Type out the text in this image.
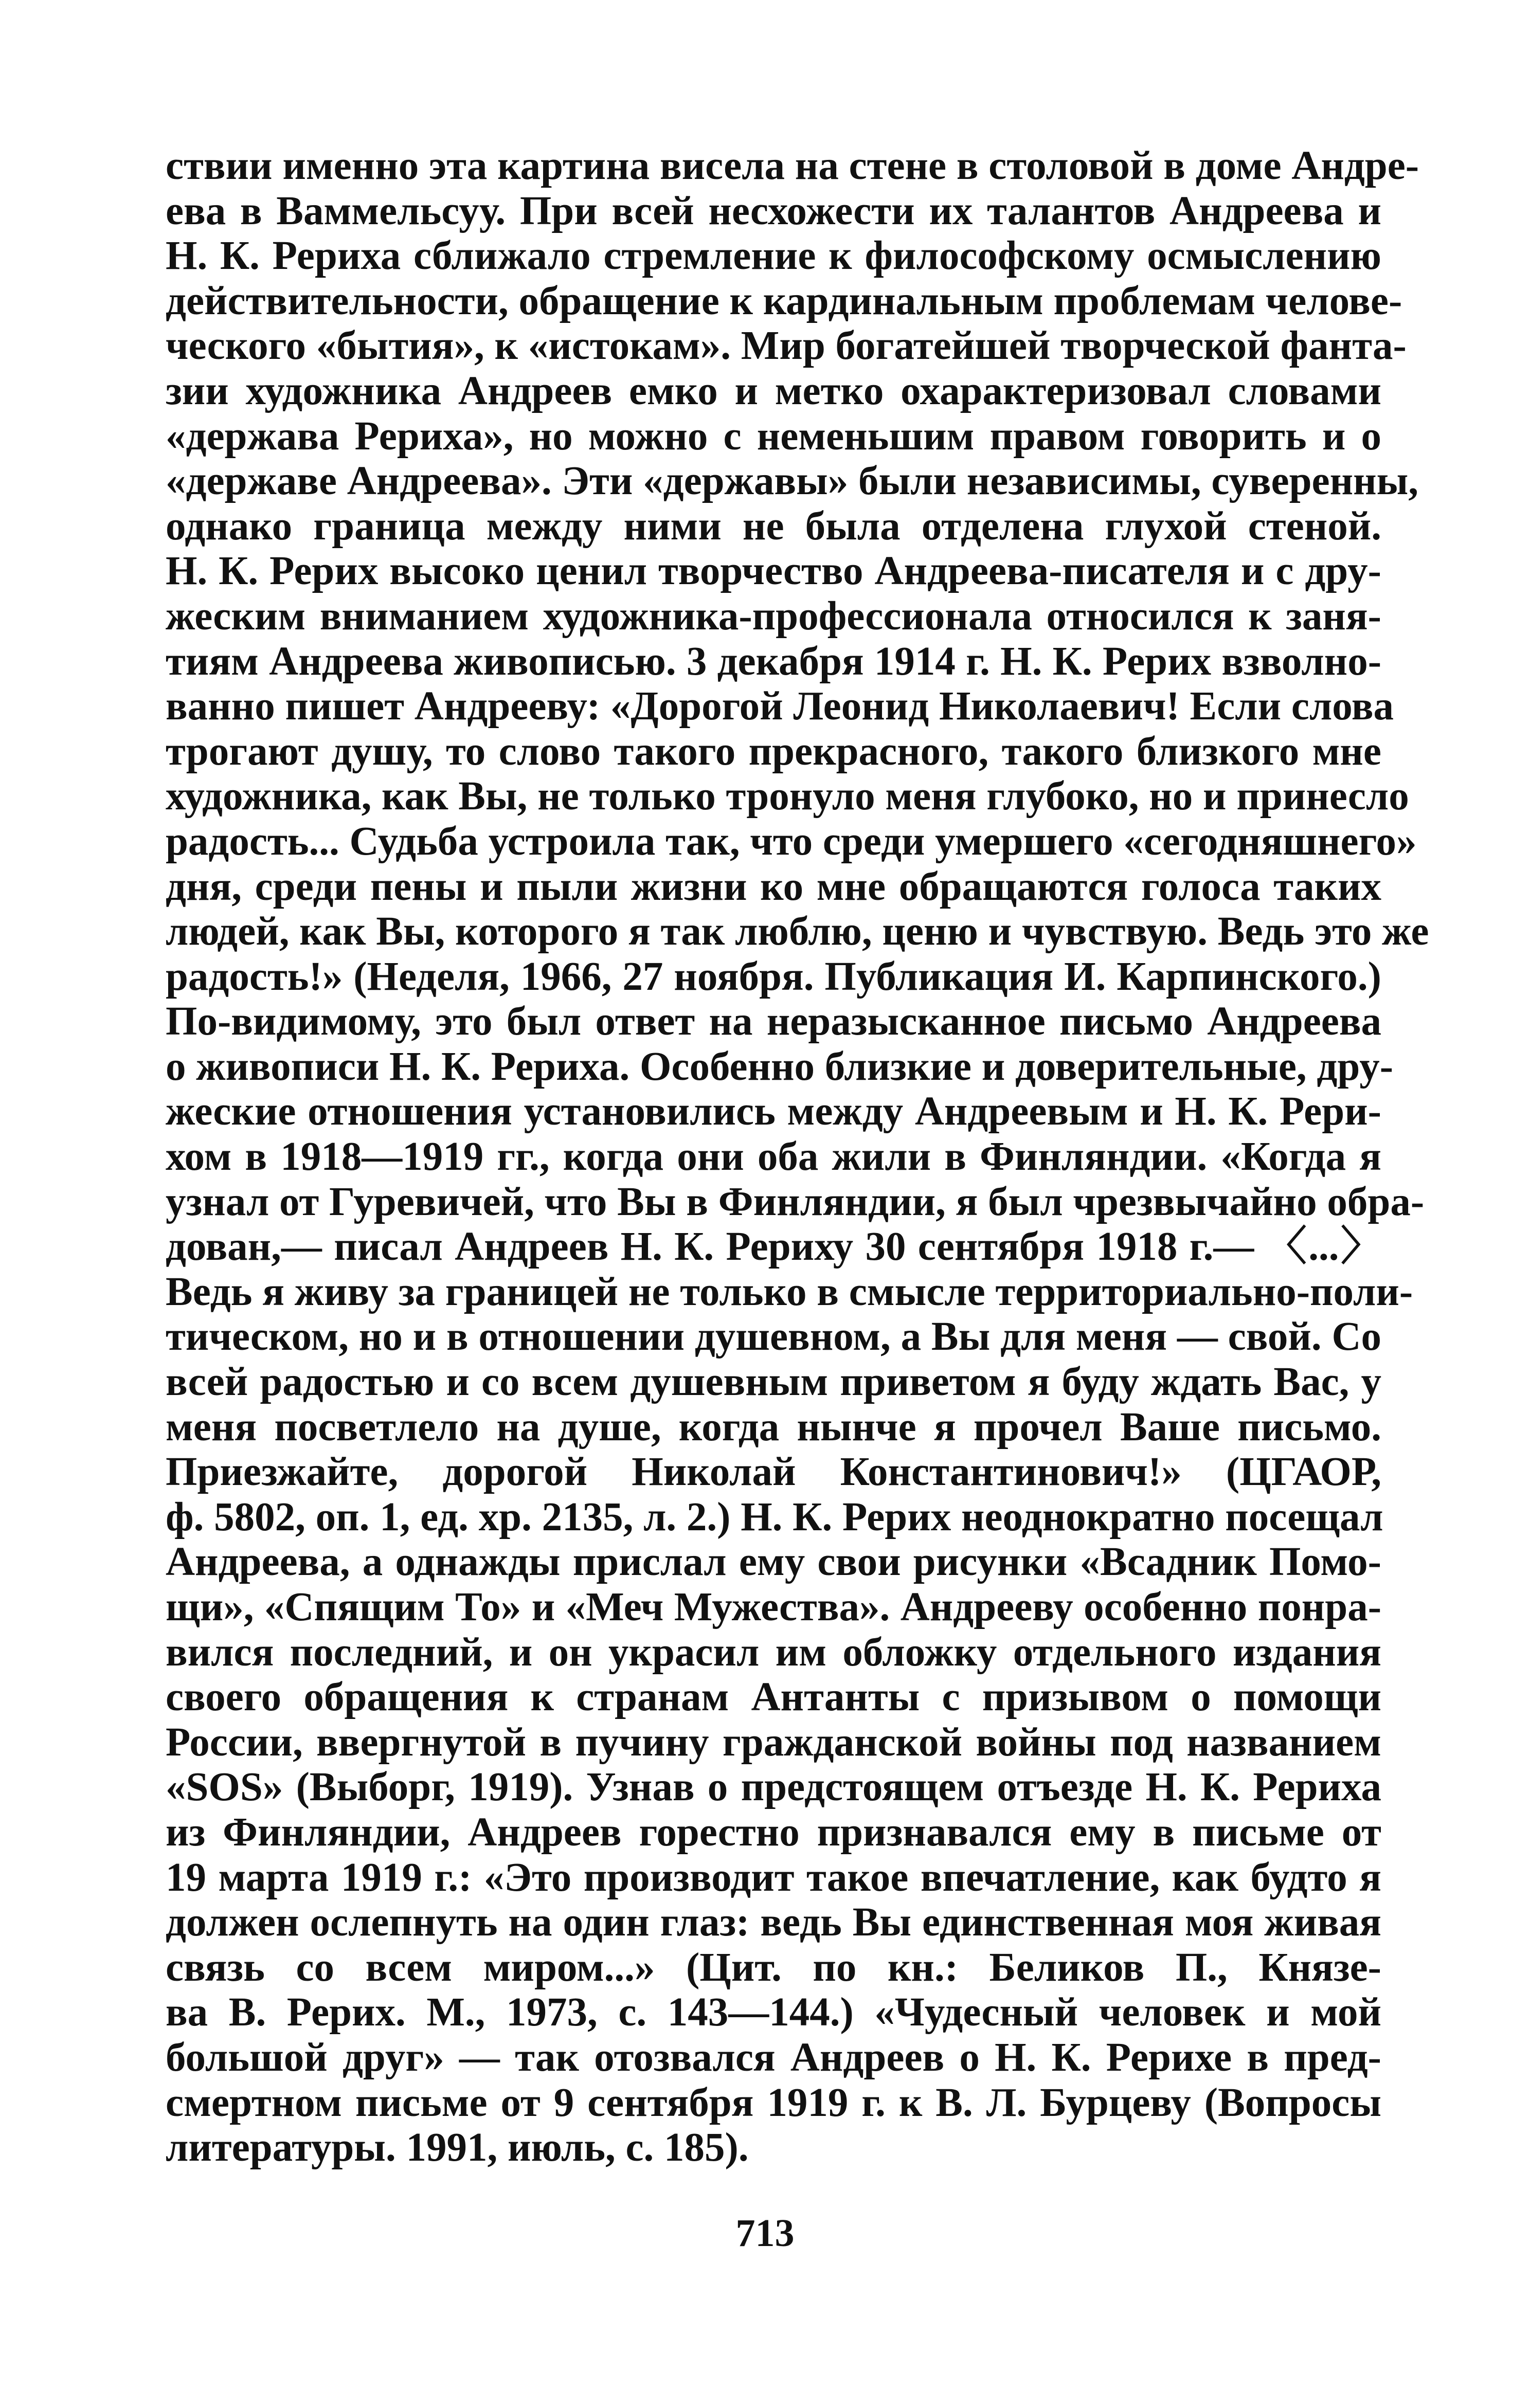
ствии именно эта картина висела на стене в столовой в доме Андре-
ева в Ваммельсуу. При всей несхожести их талантов Андреева и
Н. К. Рериха сближало стремление к философскому осмыслению
действительности, обращение к кардинальным проблемам челове-
ческого «бытия», к «истокам». Мир богатейшей творческой фанта-
зии художника Андреев емко и метко охарактеризовал словами
«держава Рериха», но можно с неменьшим правом говорить и о
«державе Андреева». Эти «державы» были независимы, суверенны,
однако граница между ними не была отделена глухой стеной.
Н. К. Рерих высоко ценил творчество Андреева-писателя и с дру-
жеским вниманием художника-профессионала относился к заня-
тиям Андреева живописью. 3 декабря 1914 г. Н. К. Рерих взволно-
ванно пишет Андрееву: «Дорогой Леонид Николаевич! Если слова
трогают душу, то слово такого прекрасного, такого близкого мне
художника, как Вы, не только тронуло меня глубоко, но и принесло
радость... Судьба устроила так, что среди умершего «сегодняшнего»
дня, среди пены и пыли жизни ко мне обращаются голоса таких
людей, как Вы, которого я так люблю, ценю и чувствую. Ведь это же
радость!» (Неделя, 1966, 27 ноября. Публикация И. Карпинского.)
По-видимому, это был ответ на неразысканное письмо Андреева
о живописи Н. К. Рериха. Особенно близкие и доверительные, дру-
жеские отношения установились между Андреевым и Н. К. Рери-
хом в 1918—1919 гг., когда они оба жили в Финляндии. «Когда я
узнал от Гуревичей, что Вы в Финляндии, я был чрезвычайно обра-
дован,— писал Андреев Н. К. Рериху 30 сентября 1918 г.— 〈...〉
Ведь я живу за границей не только в смысле территориально-поли-
тическом, но и в отношении душевном, а Вы для меня — свой. Со
всей радостью и со всем душевным приветом я буду ждать Вас, у
меня посветлело на душе, когда нынче я прочел Ваше письмо.
Приезжайте, дорогой Николай Константинович!» (ЦГАОР,
ф. 5802, оп. 1, ед. хр. 2135, л. 2.) Н. К. Рерих неоднократно посещал
Андреева, а однажды прислал ему свои рисунки «Всадник Помо-
щи», «Спящим То» и «Меч Мужества». Андрееву особенно понра-
вился последний, и он украсил им обложку отдельного издания
своего обращения к странам Антанты с призывом о помощи
России, ввергнутой в пучину гражданской войны под названием
«SOS» (Выборг, 1919). Узнав о предстоящем отъезде Н. К. Рериха
из Финляндии, Андреев горестно признавался ему в письме от
19 марта 1919 г.: «Это производит такое впечатление, как будто я
должен ослепнуть на один глаз: ведь Вы единственная моя живая
связь со всем миром...» (Цит. по кн.: Беликов П., Князе-
ва В. Рерих. М., 1973, с. 143—144.) «Чудесный человек и мой
большой друг» — так отозвался Андреев о Н. К. Рерихе в пред-
смертном письме от 9 сентября 1919 г. к В. Л. Бурцеву (Вопросы
литературы. 1991, июль, с. 185).
713
